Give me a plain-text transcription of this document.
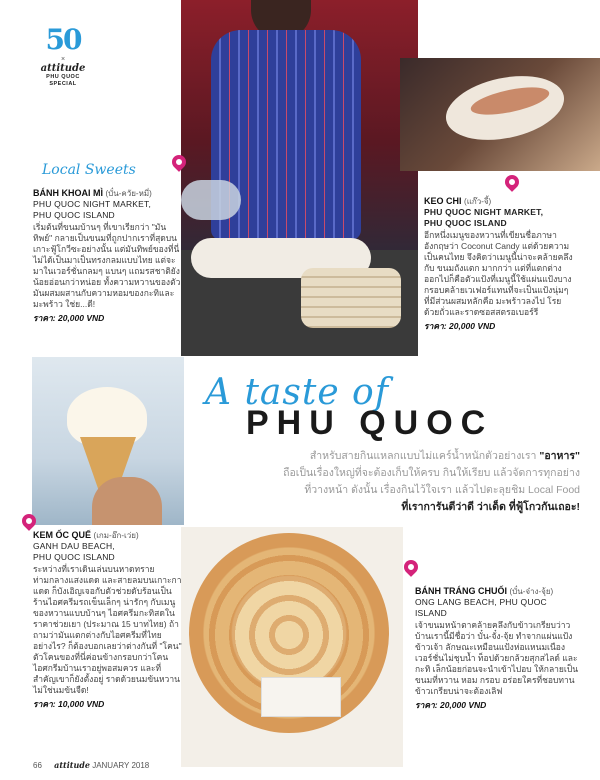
50
×
attitude
PHU QUOC SPECIAL
Local Sweets
BÁNH KHOAI MÌ (บั๋น-ควัย-หมี่)
PHU QUOC NIGHT MARKET,
PHU QUOC ISLAND

เริ่มต้นที่ขนมบ้านๆ ที่เขาเรียกว่า "มันทิพย์" กลายเป็นขนมที่ถูกปากเราที่สุดบนเกาะฟู้โกวีซะอย่างนั้น แต่มันทิพย์ของที่นี่ไม่ได้เป็นมาเป็นทรงกลมแบบไทย แต่จะมาในเวอร์ชั่นกลมๆ แบนๆ แถมรสชาติยังน้อยอ่อนกว่าหน่อย ทั้งความหวานของตัวมันผสมผสานกับความหอมของกะทิและมะพร้าว ใช่ย...ดี!

ราคา: 20,000 VND
KEO CHI (แก๊ว-จี้)
PHU QUOC NIGHT MARKET,
PHU QUOC ISLAND

อีกหนึ่งเมนูของหวานที่เขียนชื่อภาษาอังกฤษว่า Coconut Candy แต่ด้วยความเป็นคนไทย จึงคิดว่าเมนูนี้น่าจะคล้ายคลึงกับ ขนมถังแตก มากกว่า แต่ที่แตกต่างออกไปก็คือตัวแป้งที่เมนูนี้ใช้แผ่นแป้งบางกรอบคล้ายเวเฟอร์แทนที่จะเป็นแป้งนุ่มๆ ที่มีส่วนผสมหลักคือ มะพร้าวลงไป โรยด้วยถั่วและราดซอสสตรอเบอร์รี

ราคา: 20,000 VND
A taste of
PHU QUOC
สำหรับสายกินแหลกแบบไม่แคร์น้ำหนักตัวอย่างเรา "อาหาร"
ถือเป็นเรื่องใหญ่ที่จะต้องเก็บให้ครบ กินให้เรียบ แล้วจัดการทุกอย่าง
ที่วางหน้า ดังนั้น เรื่องกินไว้ใจเรา แล้วไปตะลุยชิม Local Food
ที่เราการันตีว่าดี ว่าเด็ด ที่ฟู้โกวกันเถอะ!
KEM ỐC QUẾ (เกม-อ๊ก-เว่ย)
GANH DAU BEACH,
PHU QUOC ISLAND

ระหว่างที่เราเดินเล่นบนหาดทรายท่ามกลางแสงแดด และสายลมบนเกาะกาแดด ก็บังเอิญเจอกับตัวช่วยดับร้อนเป็นร้านไอศครีมรถเข็นเล็กๆ น่ารักๆ กับเมนูของหวานแบบบ้านๆ ไอศครีมกะทิสดในราคาช่วยเยา (ประมาณ 15 บาทไทย) ถ้าถามว่ามันแตกต่างกับไอศครีมที่ไทยอย่างไร? ก็ต้องบอกเลยว่าต่างกันที่ "โคน" ตัวโคนของที่นี่ค่อนข้างกรอบกว่าโคนไอศกรีมบ้านเราอยู่พอสมควร และที่สำคัญเขาก็ยังตั้งอยู่ ราดด้วยนมข้นหวานไม่ใช่นมข้นจืด!

ราคา: 10,000 VND
BÁNH TRÁNG CHUỐI (บั๋น-จ๋าง-จุ้ย)
ONG LANG BEACH, PHU QUOC
ISLAND

เจ้าขนมหน้าตาคล้ายคลึงกับข้าวเกรียบว่าวบ้านเรานี้มีชื่อว่า บั๋น-จั๋ง-จุ้ย ทำจากแผ่นแป้งข้าวเจ้า ลักษณะเหมือนแป้งห่อแหนมเนืองเวอร์ชั่นไม่ชุบน้ำ ท็อปด้วยกล้วยสุกสไลด์ และกะทิ เล็กน้อยก่อนจะนำเข้าไปอบ ให้กลายเป็นขนมที่หวาน หอม กรอบ อร่อยใครที่ชอบทานข้าวเกรียบน่าจะต้องเลิฟ

ราคา: 20,000 VND
66 attitude JANUARY 2018
